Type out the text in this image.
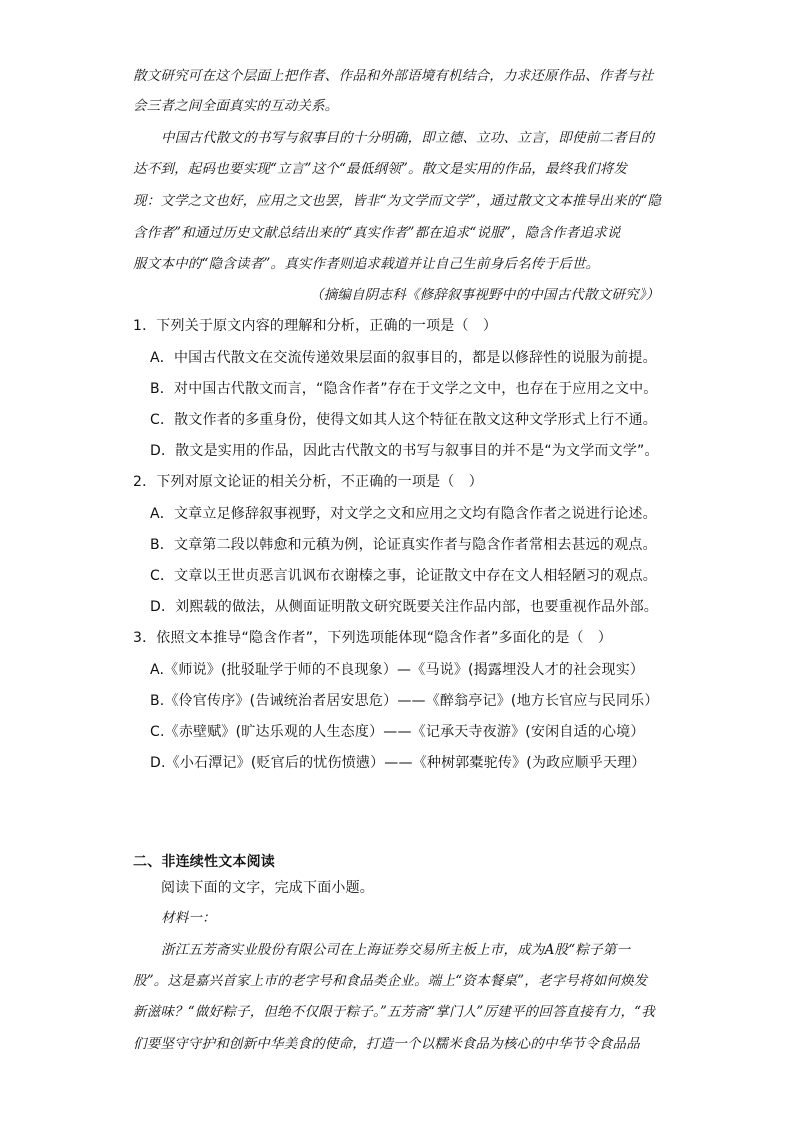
散文研究可在这个层面上把作者、作品和外部语境有机结合，力求还原作品、作者与社
会三者之间全面真实的互动关系。
中国古代散文的书写与叙事目的十分明确，即立德、立功、立言，即使前二者目的
达不到，起码也要实现“立言”这个“最低纲领”。散文是实用的作品，最终我们将发
现：文学之文也好，应用之文也罢，皆非“为文学而文学”，通过散文文本推导出来的“隐
含作者”和通过历史文献总结出来的“真实作者”都在追求“说服”，隐含作者追求说
服文本中的“隐含读者”。真实作者则追求载道并让自己生前身后名传于后世。
（摘编自阴志科《修辞叙事视野中的中国古代散文研究》）
1．下列关于原文内容的理解和分析，正确的一项是（　）
A．中国古代散文在交流传递效果层面的叙事目的，都是以修辞性的说服为前提。
B．对中国古代散文而言，“隐含作者”存在于文学之文中，也存在于应用之文中。
C．散文作者的多重身份，使得文如其人这个特征在散文这种文学形式上行不通。
D．散文是实用的作品，因此古代散文的书写与叙事目的并不是“为文学而文学”。
2．下列对原文论证的相关分析，不正确的一项是（　）
A．文章立足修辞叙事视野，对文学之文和应用之文均有隐含作者之说进行论述。
B．文章第二段以韩愈和元稹为例，论证真实作者与隐含作者常相去甚远的观点。
C．文章以王世贞恶言讥讽布衣谢榛之事，论证散文中存在文人相轻陋习的观点。
D．刘熙载的做法，从侧面证明散文研究既要关注作品内部，也要重视作品外部。
3．依照文本推导“隐含作者”，下列选项能体现“隐含作者”多面化的是（　）
A.《师说》(批驳耻学于师的不良现象）—《马说》(揭露埋没人才的社会现实）
B.《伶官传序》(告诫统治者居安思危）——《醉翁亭记》(地方长官应与民同乐）
C.《赤壁赋》(旷达乐观的人生态度）——《记承天寺夜游》(安闲自适的心境）
D.《小石潭记》(贬官后的忧伤愤懑）——《种树郭橐驼传》(为政应顺乎天理）
二、非连续性文本阅读
阅读下面的文字，完成下面小题。
材料一：
浙江五芳斋实业股份有限公司在上海证券交易所主板上市，成为A股“粽子第一
股”。这是嘉兴首家上市的老字号和食品类企业。端上“资本餐桌”，老字号将如何焕发
新滋味？“做好粽子，但绝不仅限于粽子。”五芳斋“掌门人”厉建平的回答直接有力，“我
们要坚守守护和创新中华美食的使命，打造一个以糯米食品为核心的中华节令食品品
